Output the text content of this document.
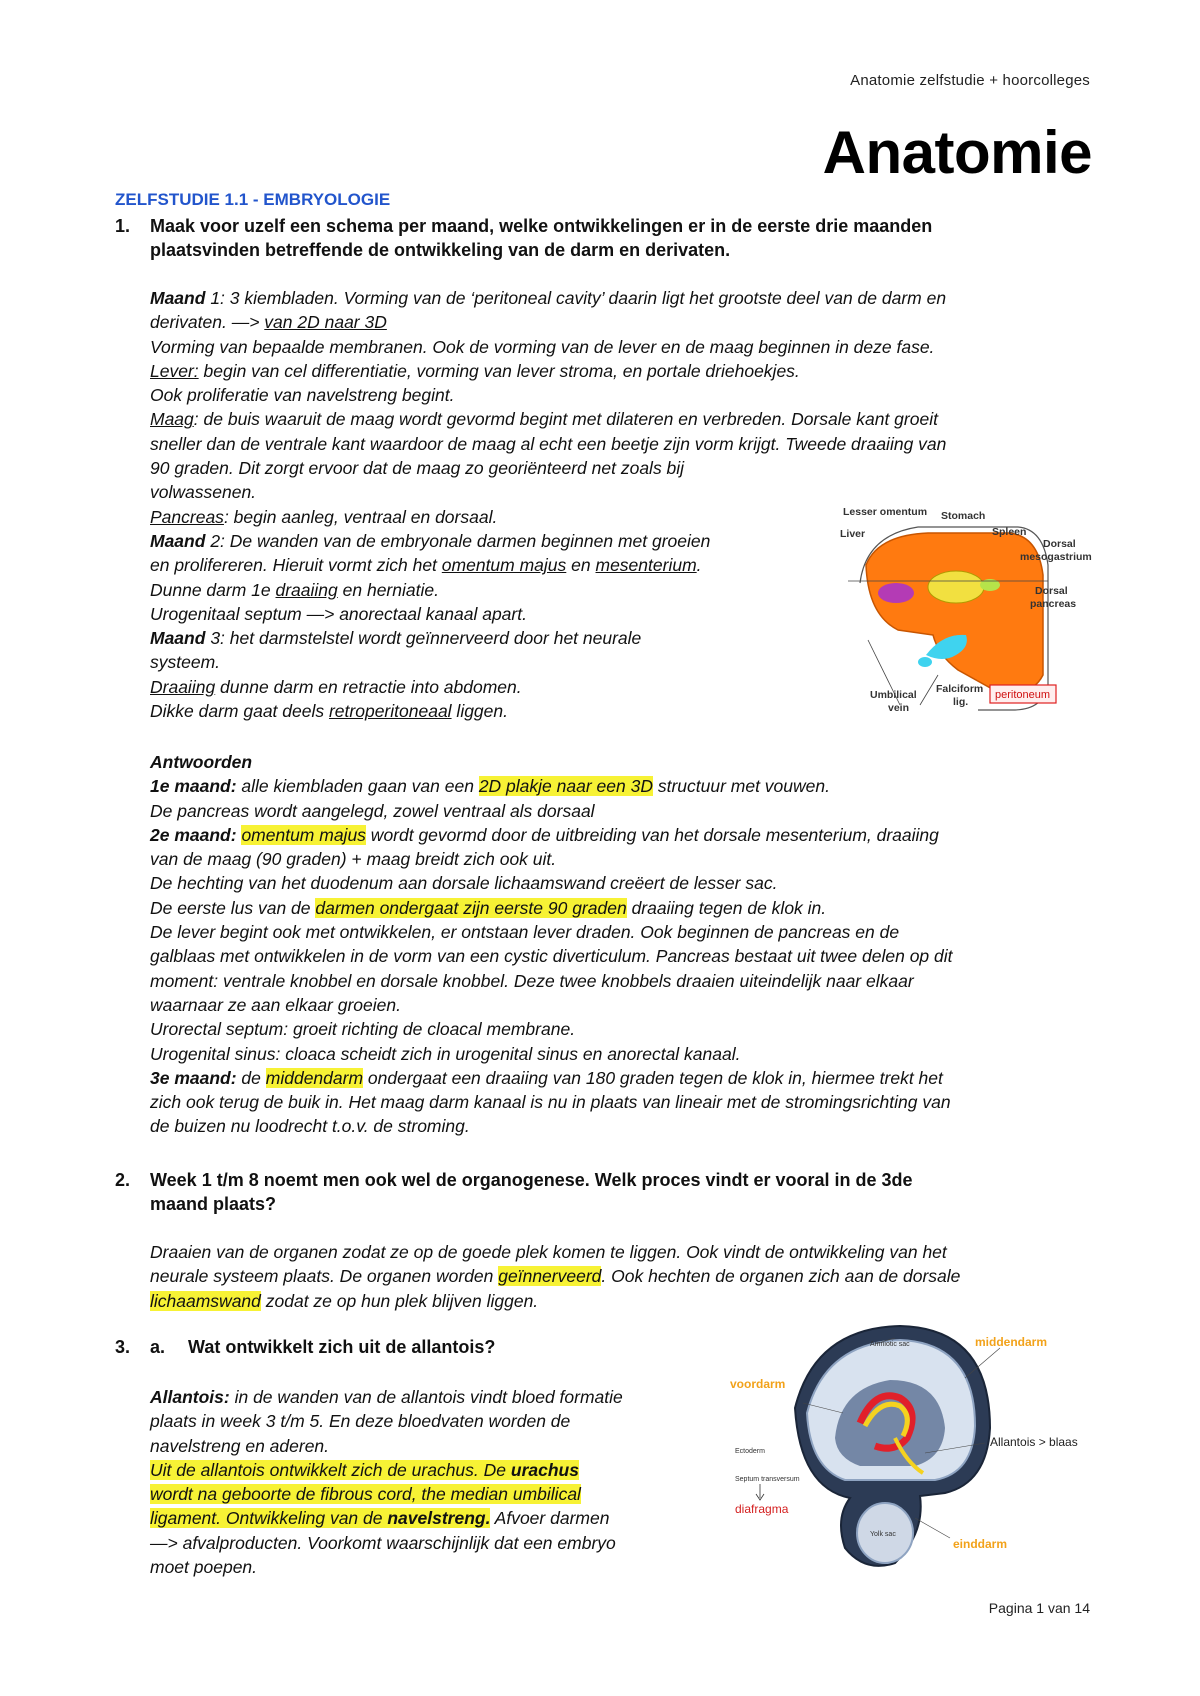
Anatomie zelfstudie + hoorcolleges
Anatomie
ZELFSTUDIE 1.1 - EMBRYOLOGIE
1. Maak voor uzelf een schema per maand, welke ontwikkelingen er in de eerste drie maanden
plaatsvinden betreffende de ontwikkeling van de darm en derivaten.

Maand 1: 3 kiembladen. Vorming van de ‘peritoneal cavity’ daarin ligt het grootste deel van de darm en

derivaten. —> van 2D naar 3D

Vorming van bepaalde membranen. Ook de vorming van de lever en de maag beginnen in deze fase.

Lever: begin van cel differentiatie, vorming van lever stroma, en portale driehoekjes.

Ook proliferatie van navelstreng begint.

Maag: de buis waaruit de maag wordt gevormd begint met dilateren en verbreden. Dorsale kant groeit

sneller dan de ventrale kant waardoor de maag al echt een beetje zijn vorm krijgt. Tweede draaiing van

90 graden. Dit zorgt ervoor dat de maag zo georiënteerd net zoals bij

volwassenen.

Pancreas: begin aanleg, ventraal en dorsaal.

Maand 2: De wanden van de embryonale darmen beginnen met groeien

en prolifereren. Hieruit vormt zich het omentum majus en mesenterium.

Dunne darm 1e draaiing en herniatie.

Urogenitaal septum —> anorectaal kanaal apart.

Maand 3: het darmstelstel wordt geïnnerveerd door het neurale

systeem.

Draaiing dunne darm en retractie into abdomen.

Dikke darm gaat deels retroperitoneaal liggen.

Lesser omentum Stomach
Liver	Spleen
Dorsal
mesogastrium
Dorsal
pancreas
Umbilical
vein
Falciform
lig.
peritoneum

Antwoorden

1e maand: alle kiembladen gaan van een 2D plakje naar een 3D structuur met vouwen.

De pancreas wordt aangelegd, zowel ventraal als dorsaal

2e maand: omentum majus wordt gevormd door de uitbreiding van het dorsale mesenterium, draaiing

van de maag (90 graden) + maag breidt zich ook uit.

De hechting van het duodenum aan dorsale lichaamswand creëert de lesser sac.

De eerste lus van de darmen ondergaat zijn eerste 90 graden draaiing tegen de klok in.

De lever begint ook met ontwikkelen, er ontstaan lever draden. Ook beginnen de pancreas en de

galblaas met ontwikkelen in de vorm van een cystic diverticulum. Pancreas bestaat uit twee delen op dit

moment: ventrale knobbel en dorsale knobbel. Deze twee knobbels draaien uiteindelijk naar elkaar

waarnaar ze aan elkaar groeien.

Urorectal septum: groeit richting de cloacal membrane.

Urogenital sinus: cloaca scheidt zich in urogenital sinus en anorectal kanaal.

3e maand: de middendarm ondergaat een draaiing van 180 graden tegen de klok in, hiermee trekt het

zich ook terug de buik in. Het maag darm kanaal is nu in plaats van lineair met de stromingsrichting van

de buizen nu loodrecht t.o.v. de stroming.

2. Week 1 t/m 8 noemt men ook wel de organogenese. Welk proces vindt er vooral in de 3de
maand plaats?

Draaien van de organen zodat ze op de goede plek komen te liggen. Ook vindt de ontwikkeling van het

neurale systeem plaats. De organen worden geïnnerveerd. Ook hechten de organen zich aan de dorsale

lichaamswand zodat ze op hun plek blijven liggen.

3. a. Wat ontwikkelt zich uit de allantois?

Allantois: in de wanden van de allantois vindt bloed formatie

plaats in week 3 t/m 5. En deze bloedvaten worden de

navelstreng en aderen.

Uit de allantois ontwikkelt zich de urachus. De urachus

wordt na geboorte de fibrous cord, the median umbilical

ligament. Ontwikkeling van de navelstreng. Afvoer darmen

—> afvalproducten. Voorkomt waarschijnlijk dat een embryo

moet poepen.

Amniotic sac	middendarm
voordarm
Allantois > blaas
Ectoderm
Septum transversum
diafragma
Yolk sac
einddarm
Pagina 1 van 14
